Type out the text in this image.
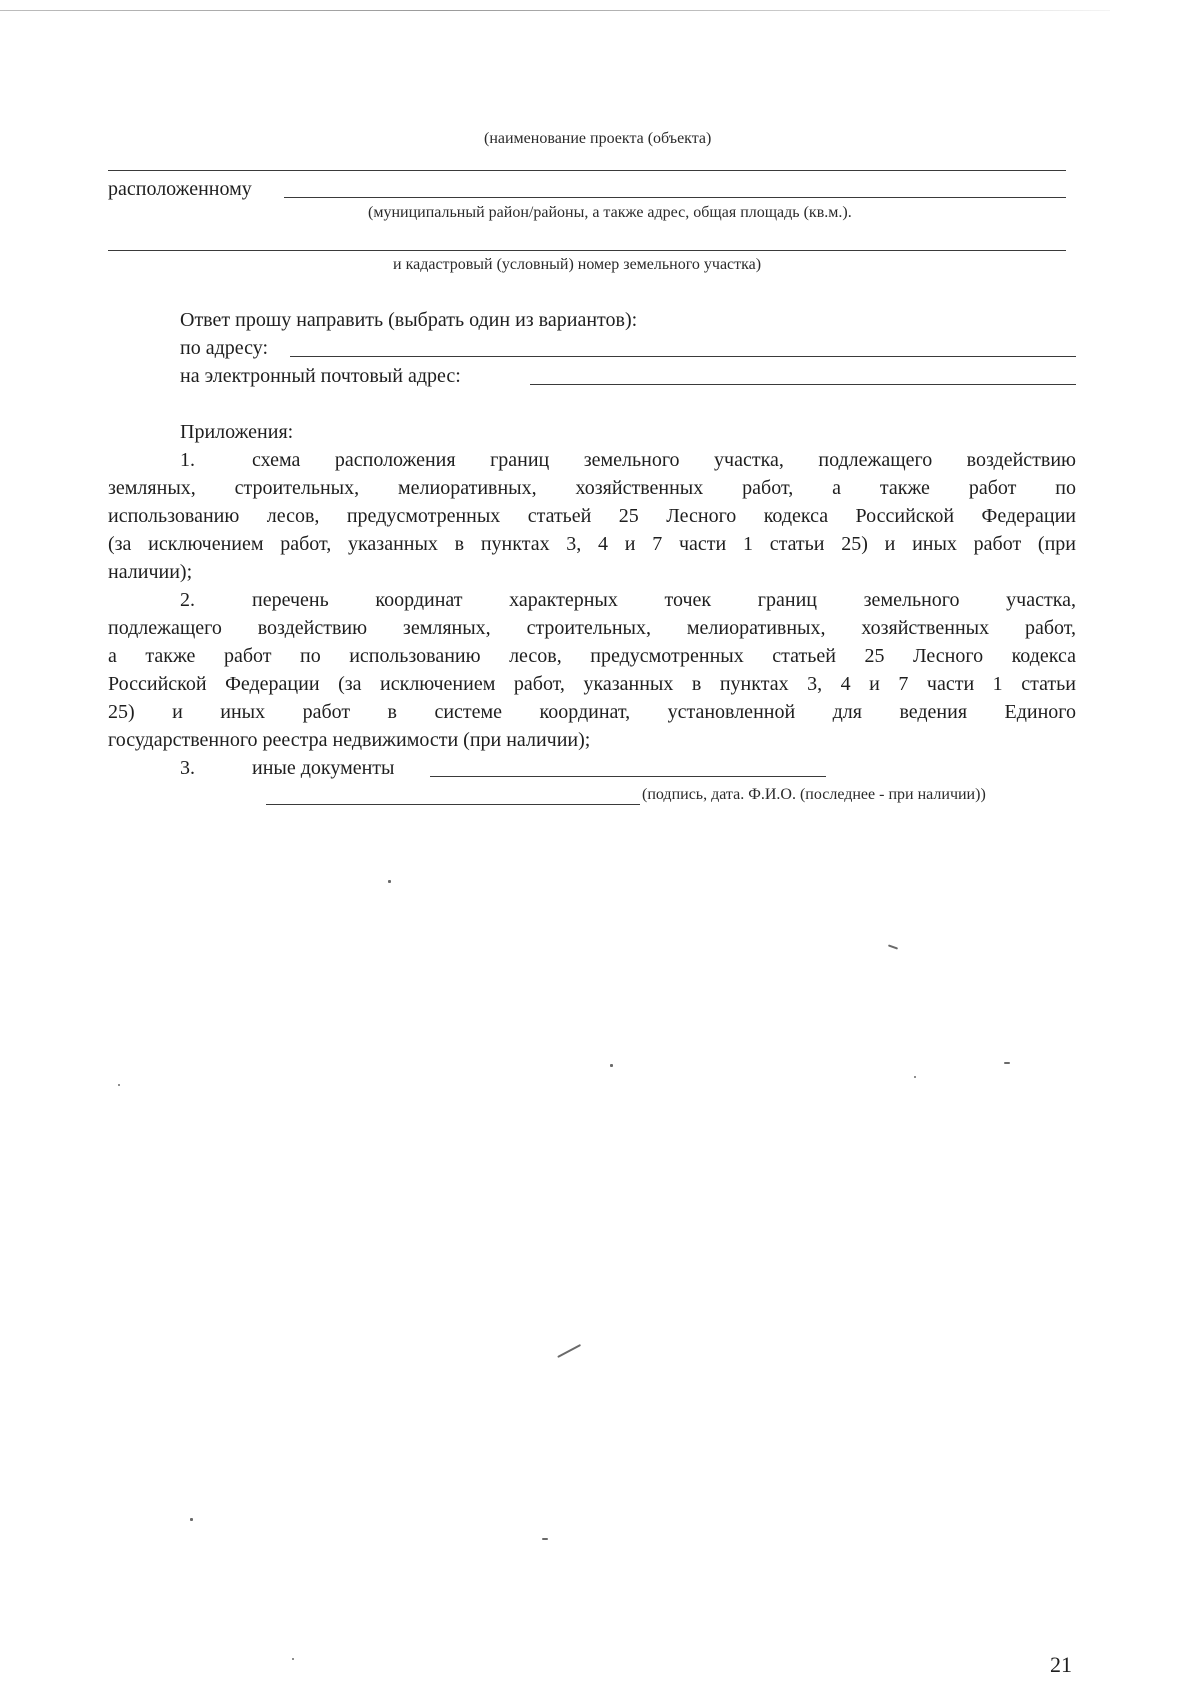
(наименование проекта (объекта)
расположенному
(муниципальный район/районы, а также адрес, общая площадь (кв.м.).
и кадастровый (условный) номер земельного участка)
Ответ прошу направить (выбрать один из вариантов):
по адресу:
на электронный почтовый адрес:
Приложения:
1.	схема расположения границ земельного участка, подлежащего воздействию
земляных, строительных, мелиоративных, хозяйственных работ, а также работ по
использованию лесов, предусмотренных статьей 25 Лесного кодекса Российской Федерации
(за исключением работ, указанных в пунктах 3, 4 и 7 части 1 статьи 25) и иных работ (при
наличии);
2.	перечень координат характерных точек границ земельного участка,
подлежащего воздействию земляных, строительных, мелиоративных, хозяйственных работ,
а также работ по использованию лесов, предусмотренных статьей 25 Лесного кодекса
Российской Федерации (за исключением работ, указанных в пунктах 3, 4 и 7 части 1 статьи
25) и иных работ в системе координат, установленной для ведения Единого
государственного реестра недвижимости (при наличии);
3.	иные документы
(подпись, дата. Ф.И.О. (последнее - при наличии))
21
